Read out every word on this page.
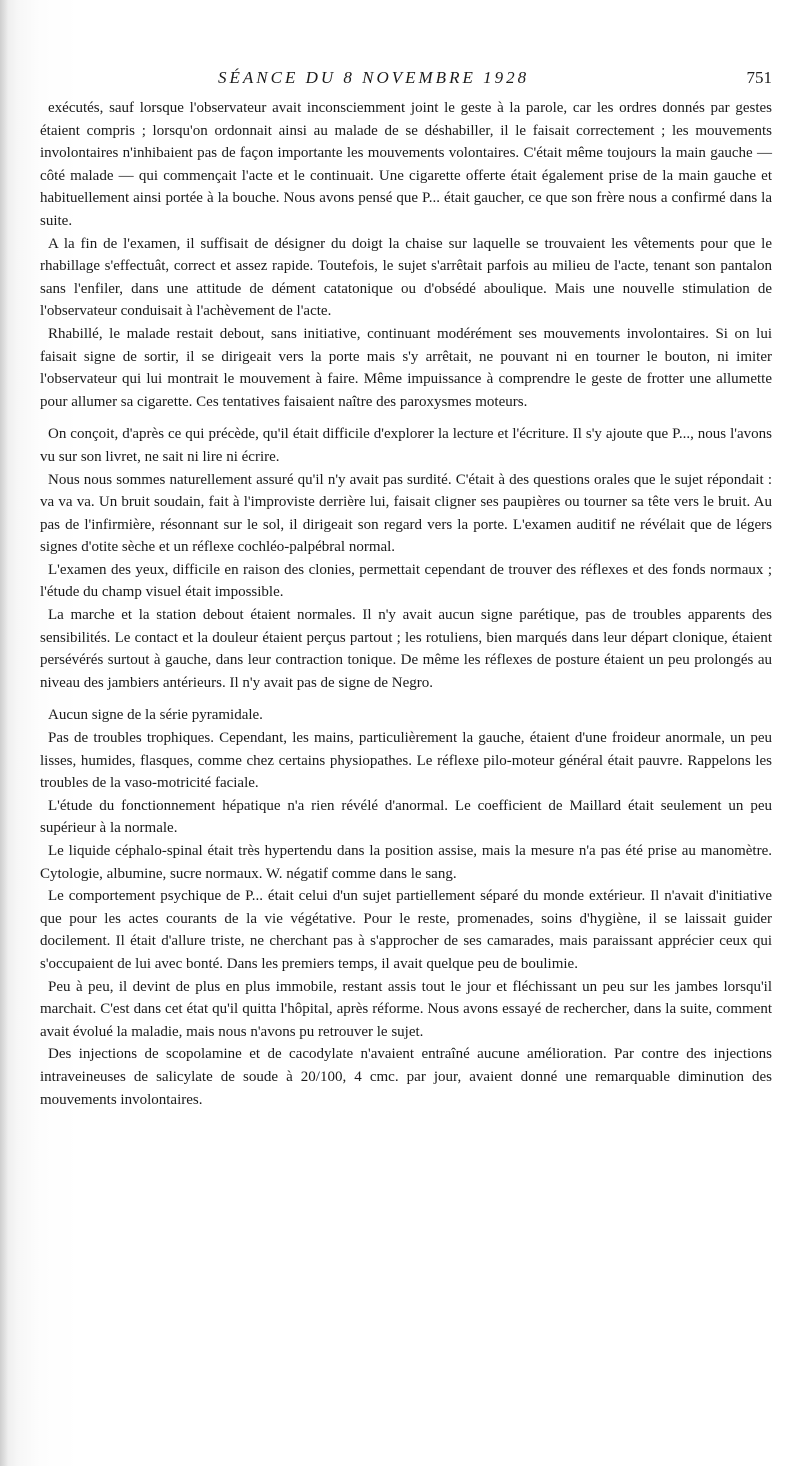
SÉANCE DU 8 NOVEMBRE 1928	751

exécutés, sauf lorsque l'observateur avait inconsciemment joint le geste à la parole, car les ordres donnés par gestes étaient compris ; lorsqu'on ordonnait ainsi au malade de se déshabiller, il le faisait correctement ; les mouvements involontaires n'inhibaient pas de façon importante les mouvements volontaires. C'était même toujours la main gauche — côté malade — qui commençait l'acte et le continuait. Une cigarette offerte était également prise de la main gauche et habituellement ainsi portée à la bouche. Nous avons pensé que P... était gaucher, ce que son frère nous a confirmé dans la suite.

A la fin de l'examen, il suffisait de désigner du doigt la chaise sur laquelle se trouvaient les vêtements pour que le rhabillage s'effectuât, correct et assez rapide. Toutefois, le sujet s'arrêtait parfois au milieu de l'acte, tenant son pantalon sans l'enfiler, dans une attitude de dément catatonique ou d'obsédé aboulique. Mais une nouvelle stimulation de l'observateur conduisait à l'achèvement de l'acte.

Rhabillé, le malade restait debout, sans initiative, continuant modérément ses mouvements involontaires. Si on lui faisait signe de sortir, il se dirigeait vers la porte mais s'y arrêtait, ne pouvant ni en tourner le bouton, ni imiter l'observateur qui lui montrait le mouvement à faire. Même impuissance à comprendre le geste de frotter une allumette pour allumer sa cigarette. Ces tentatives faisaient naître des paroxysmes moteurs.

On conçoit, d'après ce qui précède, qu'il était difficile d'explorer la lecture et l'écriture. Il s'y ajoute que P..., nous l'avons vu sur son livret, ne sait ni lire ni écrire.

Nous nous sommes naturellement assuré qu'il n'y avait pas surdité. C'était à des questions orales que le sujet répondait : va va va. Un bruit soudain, fait à l'improviste derrière lui, faisait cligner ses paupières ou tourner sa tête vers le bruit. Au pas de l'infirmière, résonnant sur le sol, il dirigeait son regard vers la porte. L'examen auditif ne révélait que de légers signes d'otite sèche et un réflexe cochléo-palpébral normal.

L'examen des yeux, difficile en raison des clonies, permettait cependant de trouver des réflexes et des fonds normaux ; l'étude du champ visuel était impossible.

La marche et la station debout étaient normales. Il n'y avait aucun signe parétique, pas de troubles apparents des sensibilités. Le contact et la douleur étaient perçus partout ; les rotuliens, bien marqués dans leur départ clonique, étaient persévérés surtout à gauche, dans leur contraction tonique. De même les réflexes de posture étaient un peu prolongés au niveau des jambiers antérieurs. Il n'y avait pas de signe de Negro.

Aucun signe de la série pyramidale.

Pas de troubles trophiques. Cependant, les mains, particulièrement la gauche, étaient d'une froideur anormale, un peu lisses, humides, flasques, comme chez certains physiopathes. Le réflexe pilo-moteur général était pauvre. Rappelons les troubles de la vaso-motricité faciale.

L'étude du fonctionnement hépatique n'a rien révélé d'anormal. Le coefficient de Maillard était seulement un peu supérieur à la normale.

Le liquide céphalo-spinal était très hypertendu dans la position assise, mais la mesure n'a pas été prise au manomètre. Cytologie, albumine, sucre normaux. W. négatif comme dans le sang.

Le comportement psychique de P... était celui d'un sujet partiellement séparé du monde extérieur. Il n'avait d'initiative que pour les actes courants de la vie végétative. Pour le reste, promenades, soins d'hygiène, il se laissait guider docilement. Il était d'allure triste, ne cherchant pas à s'approcher de ses camarades, mais paraissant apprécier ceux qui s'occupaient de lui avec bonté. Dans les premiers temps, il avait quelque peu de boulimie.

Peu à peu, il devint de plus en plus immobile, restant assis tout le jour et fléchissant un peu sur les jambes lorsqu'il marchait. C'est dans cet état qu'il quitta l'hôpital, après réforme. Nous avons essayé de rechercher, dans la suite, comment avait évolué la maladie, mais nous n'avons pu retrouver le sujet.

Des injections de scopolamine et de cacodylate n'avaient entraîné aucune amélioration. Par contre des injections intraveineuses de salicylate de soude à 20/100, 4 cmc. par jour, avaient donné une remarquable diminution des mouvements involontaires.
